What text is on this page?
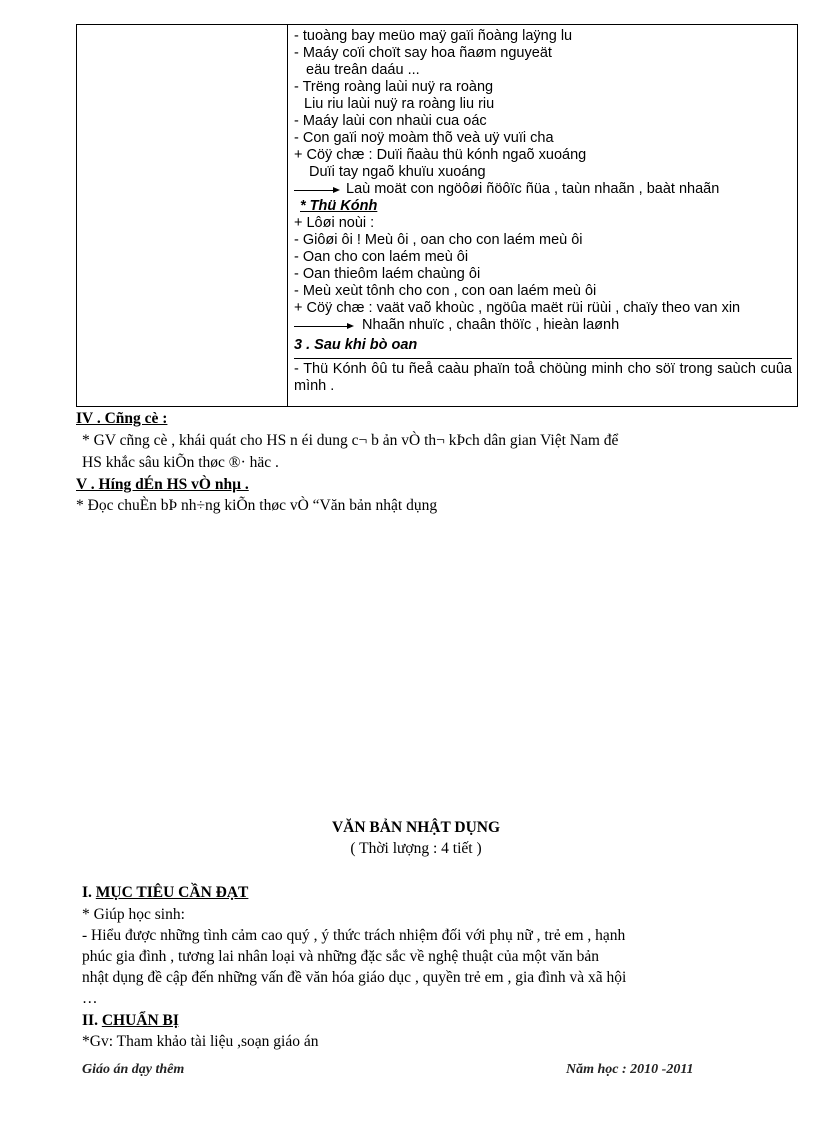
- tuoàng bay meüo maÿ gaïi ñoàng laÿng lu
- Maáy coïi choït say hoa ñaøm nguyeät
eäu treân daáu ...
- Trëng roàng laùi nuÿ ra roàng
Liu riu laùi nuÿ ra roàng liu riu
- Maáy laùi con nhaùi cua oác
- Con gaïi noÿ moàm thõ veà uÿ vuïi cha
+ Cöÿ chæ : Duïi ñaàu thü kónh ngaõ xuoáng
Duïi tay ngaõ khuïu xuoáng
Laù moät con ngöôøi ñöôïc ñüa , taùn nhaãn , baàt nhaãn
* Thü Kónh
+ Lôøi noùi :
- Giôøi ôi ! Meù ôi , oan cho con laém meù ôi
- Oan cho con laém meù ôi
- Oan thieôm laém chaùng ôi
- Meù xeùt tônh cho con , con oan laém meù ôi
+ Cöÿ chæ : vaät vaõ khoùc , ngöûa maët rüi rüùi , chaïy theo van xin
Nhaãn nhuïc , chaân thöïc , hieàn laønh
3 . Sau khi bò oan
- Thü Kónh ôû tu ñeå caàu phaïn toå chöùng minh cho söï trong saùch cuûa mình .
IV . Cñng cè :
* GV cñng cè , khái quát cho HS n éi dung c¬ b ản vÒ th¬ kÞch dân gian Việt Nam để
HS khắc sâu kiÕn thøc ®· häc .
V . Híng dÉn HS vÒ nhµ .
* Đọc chuÈn bÞ nh÷ng kiÕn thøc vÒ “Văn bản nhật dụng
VĂN BẢN NHẬT DỤNG
( Thời lượng : 4 tiết )
I. MỤC TIÊU CẦN ĐẠT
* Giúp học sinh:
- Hiểu được những tình cảm cao quý , ý thức trách nhiệm đối với phụ nữ , trẻ em , hạnh
phúc gia đình , tương lai nhân loại và những đặc sắc về nghệ thuật của một văn bản
nhật dụng đề cập đến những vấn đề văn hóa giáo dục , quyền trẻ em , gia đình và xã hội
…
II. CHUẨN BỊ
*Gv: Tham khảo tài liệu ,soạn giáo án
Giáo án dạy thêm	Năm học : 2010 -2011
